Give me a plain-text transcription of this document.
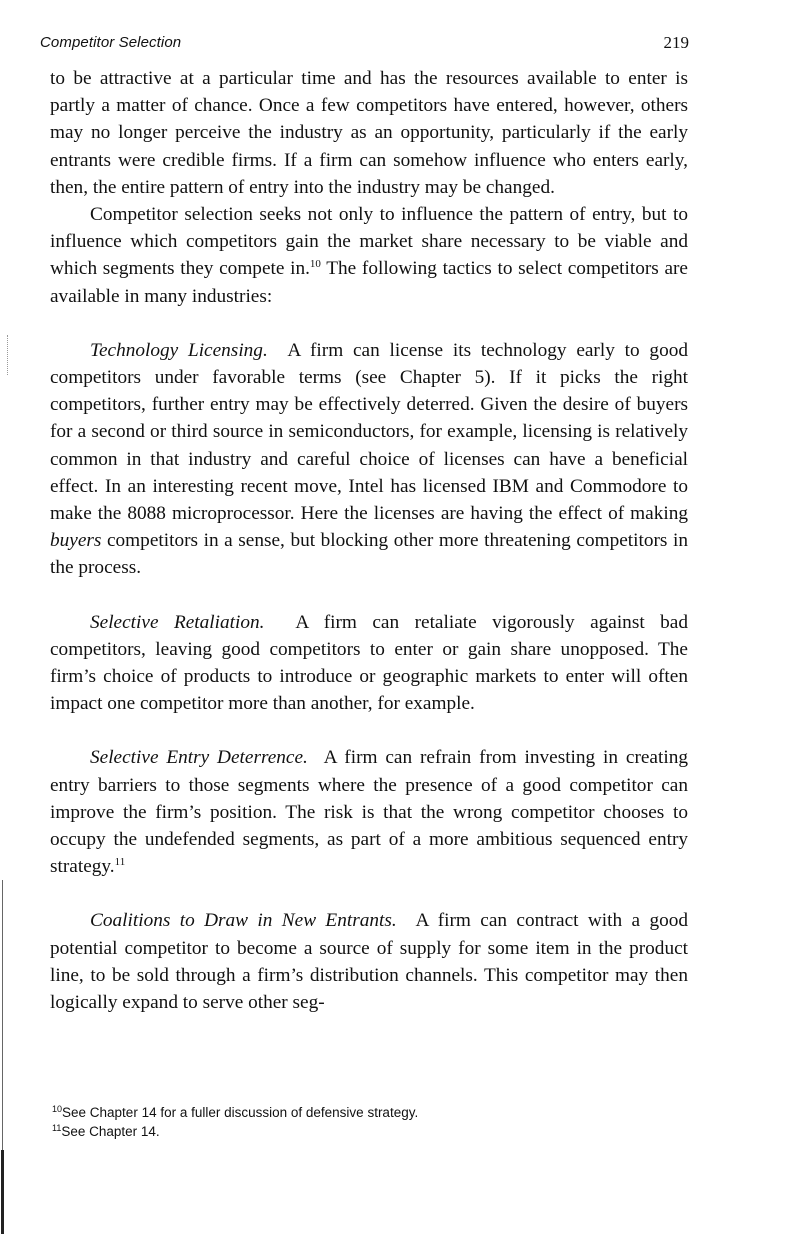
Competitor Selection	219

to be attractive at a particular time and has the resources available to enter is partly a matter of chance. Once a few competitors have entered, however, others may no longer perceive the industry as an opportunity, particularly if the early entrants were credible firms. If a firm can somehow influence who enters early, then, the entire pattern of entry into the industry may be changed.

Competitor selection seeks not only to influence the pattern of entry, but to influence which competitors gain the market share necessary to be viable and which segments they compete in.$^{10}$ The following tactics to select competitors are available in many industries:

Technology Licensing. A firm can license its technology early to good competitors under favorable terms (see Chapter 5). If it picks the right competitors, further entry may be effectively deterred. Given the desire of buyers for a second or third source in semiconductors, for example, licensing is relatively common in that industry and careful choice of licenses can have a beneficial effect. In an interesting recent move, Intel has licensed IBM and Commodore to make the 8088 microprocessor. Here the licenses are having the effect of making buyers competitors in a sense, but blocking other more threatening competitors in the process.

Selective Retaliation. A firm can retaliate vigorously against bad competitors, leaving good competitors to enter or gain share unopposed. The firm’s choice of products to introduce or geographic markets to enter will often impact one competitor more than another, for example.

Selective Entry Deterrence. A firm can refrain from investing in creating entry barriers to those segments where the presence of a good competitor can improve the firm’s position. The risk is that the wrong competitor chooses to occupy the undefended segments, as part of a more ambitious sequenced entry strategy.$^{11}$

Coalitions to Draw in New Entrants. A firm can contract with a good potential competitor to become a source of supply for some item in the product line, to be sold through a firm’s distribution channels. This competitor may then logically expand to serve other seg-

$^{10}$See Chapter 14 for a fuller discussion of defensive strategy.
$^{11}$See Chapter 14.
